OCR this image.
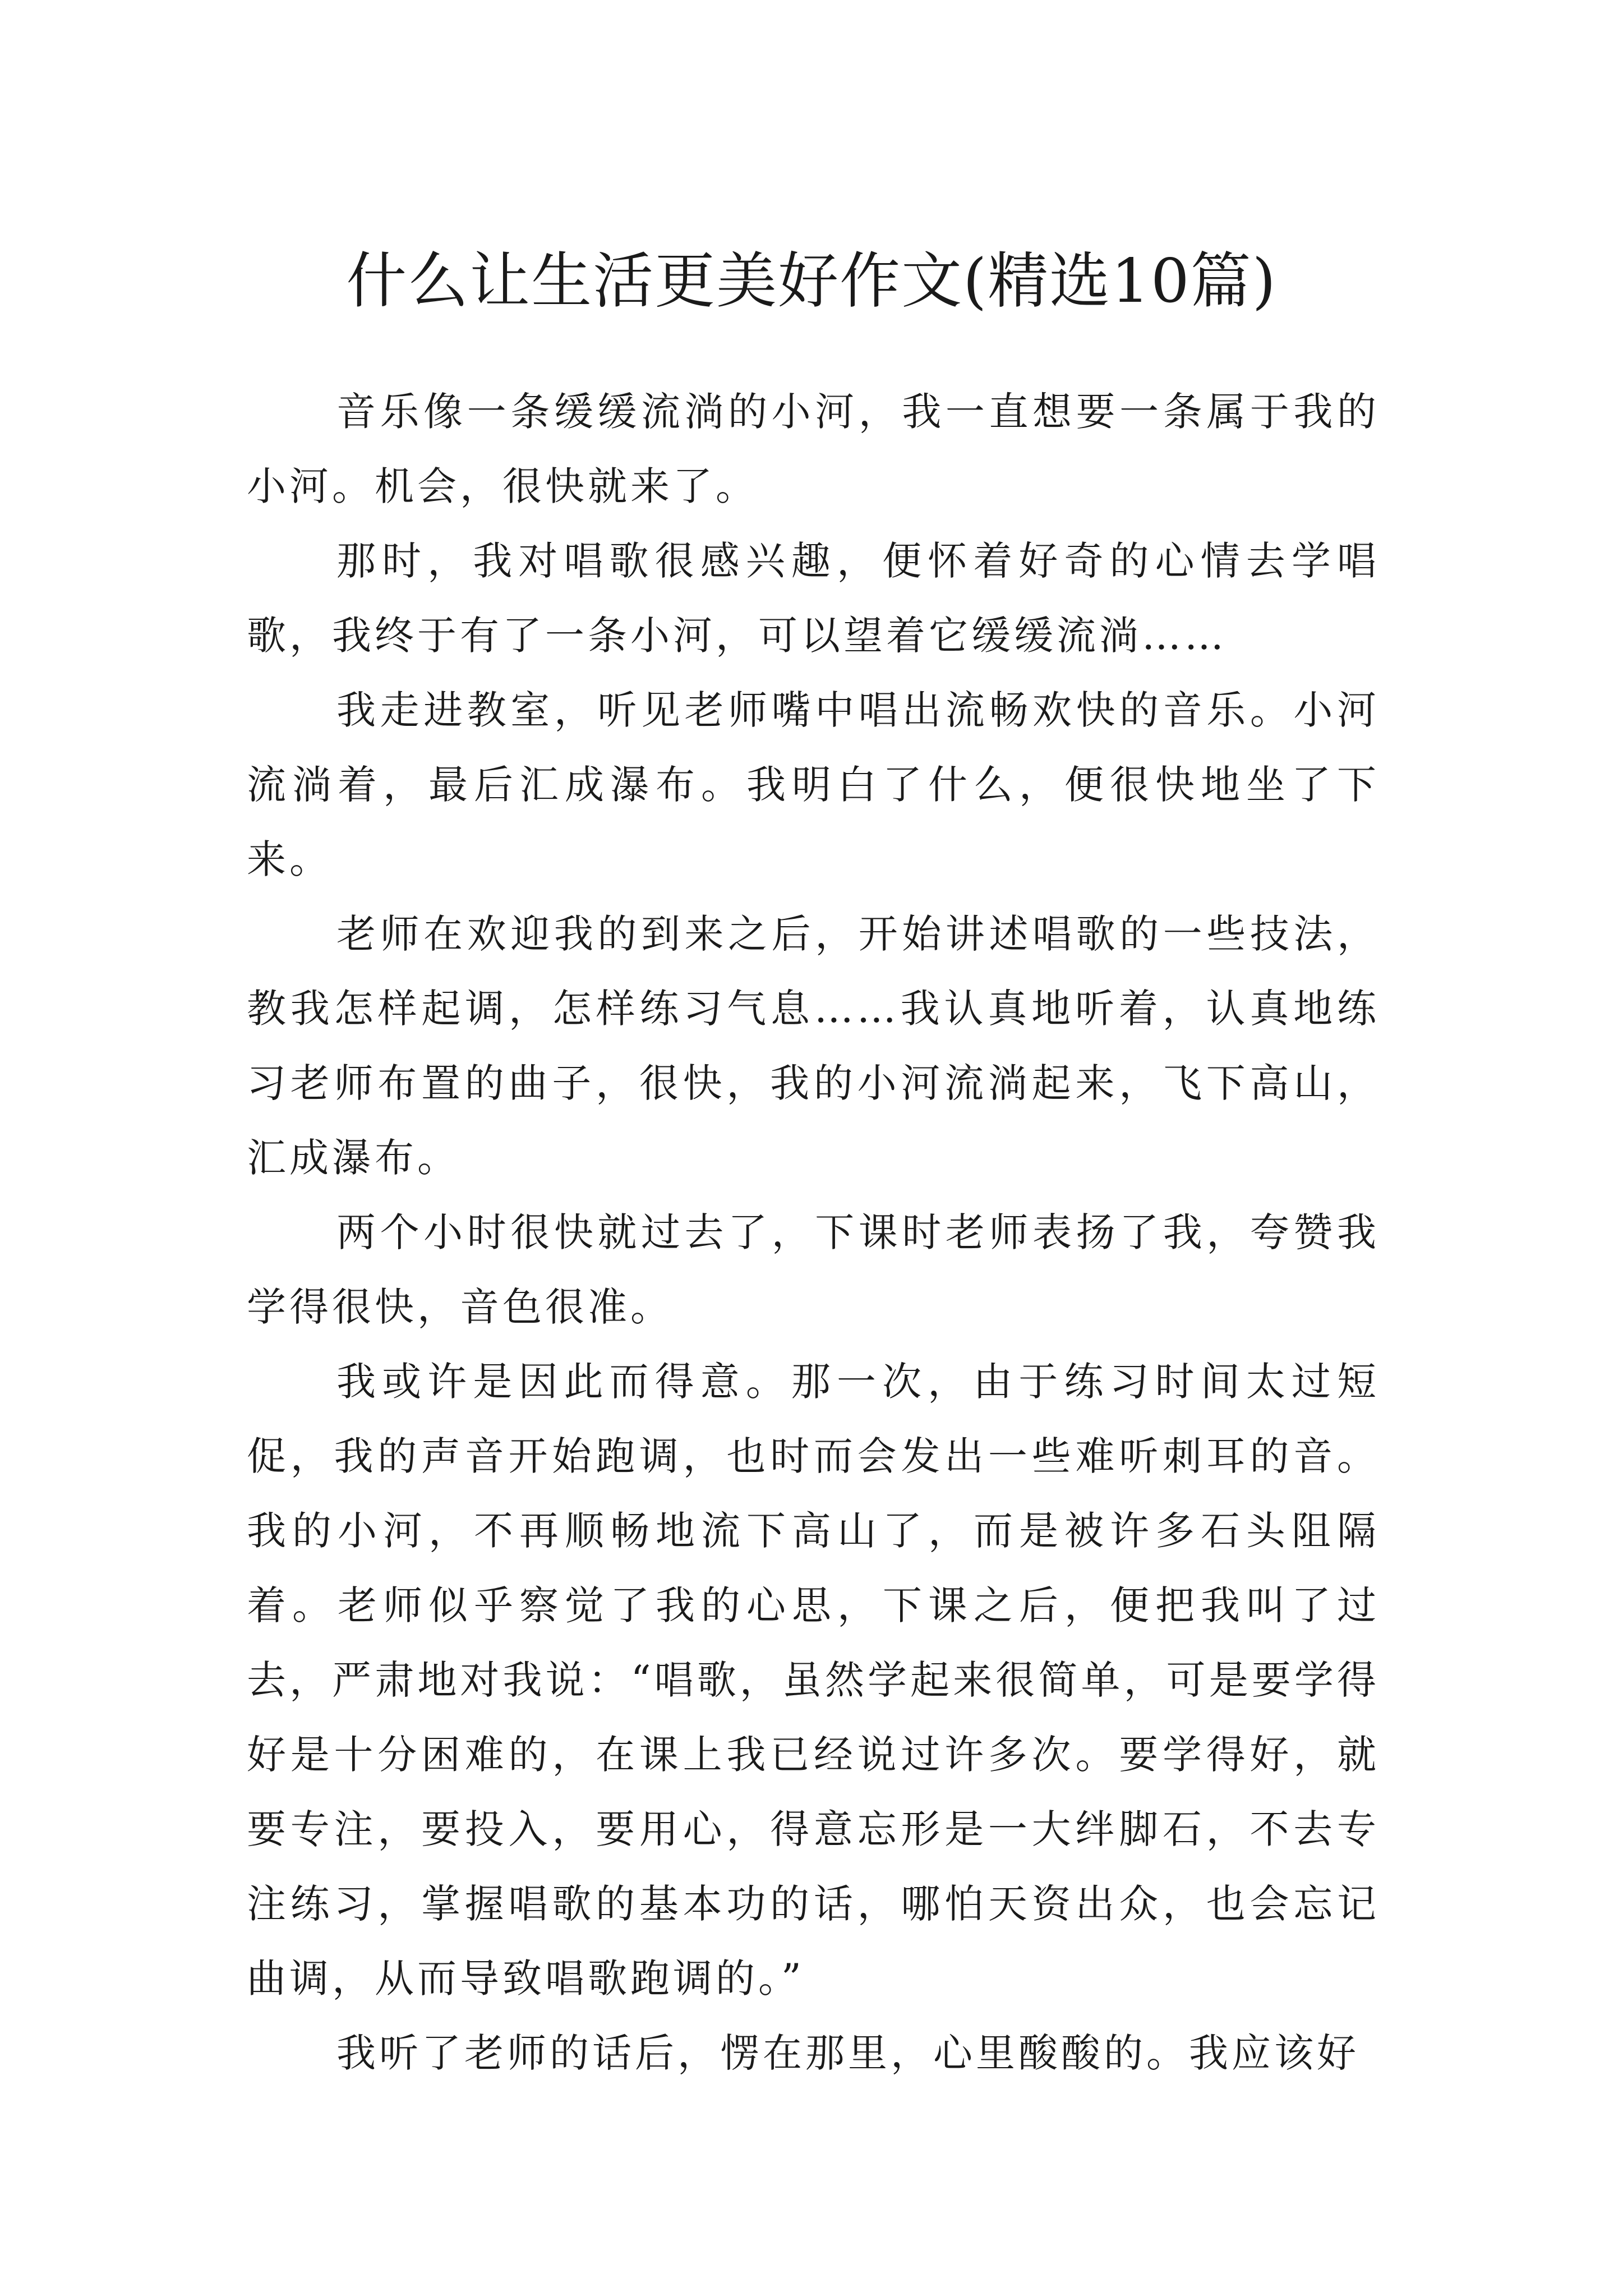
什么让生活更美好作文(精选10篇)

音乐像一条缓缓流淌的小河，我一直想要一条属于我的小河。机会，很快就来了。

那时，我对唱歌很感兴趣，便怀着好奇的心情去学唱歌，我终于有了一条小河，可以望着它缓缓流淌……

我走进教室，听见老师嘴中唱出流畅欢快的音乐。小河流淌着，最后汇成瀑布。我明白了什么，便很快地坐了下来。

老师在欢迎我的到来之后，开始讲述唱歌的一些技法，教我怎样起调，怎样练习气息……我认真地听着，认真地练习老师布置的曲子，很快，我的小河流淌起来，飞下高山，汇成瀑布。

两个小时很快就过去了，下课时老师表扬了我，夸赞我学得很快，音色很准。

我或许是因此而得意。那一次，由于练习时间太过短促，我的声音开始跑调，也时而会发出一些难听刺耳的音。我的小河，不再顺畅地流下高山了，而是被许多石头阻隔着。老师似乎察觉了我的心思，下课之后，便把我叫了过去，严肃地对我说：“唱歌，虽然学起来很简单，可是要学得好是十分困难的，在课上我已经说过许多次。要学得好，就要专注，要投入，要用心，得意忘形是一大绊脚石，不去专注练习，掌握唱歌的基本功的话，哪怕天资出众，也会忘记曲调，从而导致唱歌跑调的。”

我听了老师的话后，愣在那里，心里酸酸的。我应该好
